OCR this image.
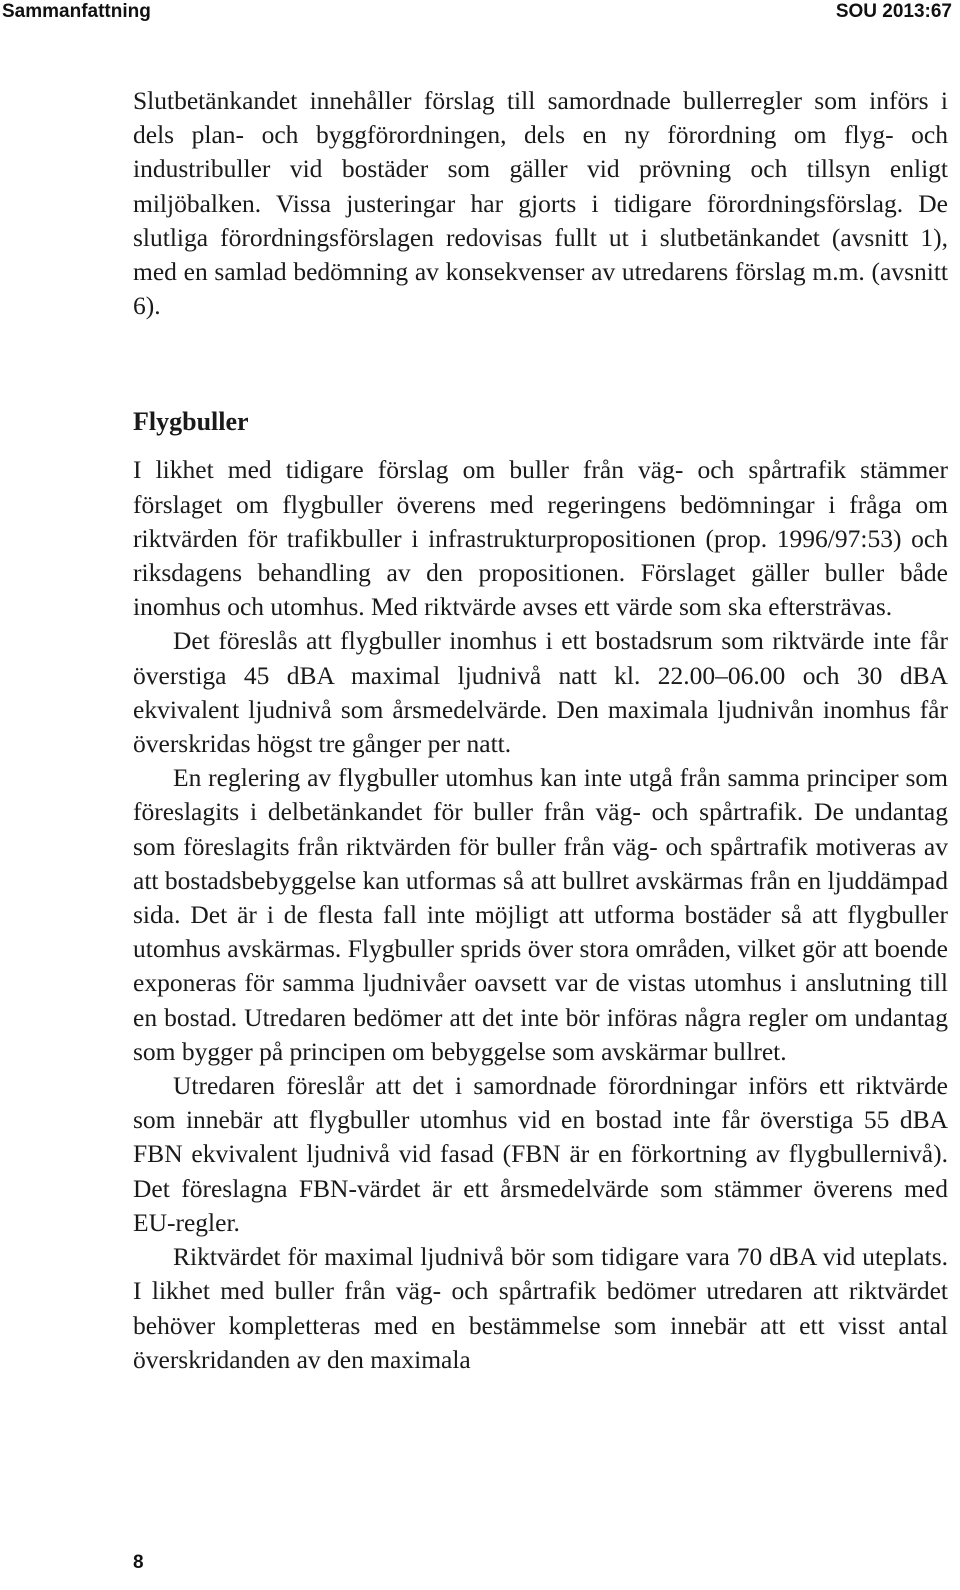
Sammanfattning	SOU 2013:67

Slutbetänkandet innehåller förslag till samordnade bullerregler som införs i dels plan- och byggförordningen, dels en ny förordning om flyg- och industribuller vid bostäder som gäller vid prövning och tillsyn enligt miljöbalken. Vissa justeringar har gjorts i tidigare förordningsförslag. De slutliga förordningsförslagen redovisas fullt ut i slutbetänkandet (avsnitt 1), med en samlad bedömning av konsekvenser av utredarens förslag m.m. (avsnitt 6).

Flygbuller

I likhet med tidigare förslag om buller från väg- och spårtrafik stämmer förslaget om flygbuller överens med regeringens bedömningar i fråga om riktvärden för trafikbuller i infrastrukturpropositionen (prop. 1996/97:53) och riksdagens behandling av den propositionen. Förslaget gäller buller både inomhus och utomhus. Med riktvärde avses ett värde som ska eftersträvas.

Det föreslås att flygbuller inomhus i ett bostadsrum som riktvärde inte får överstiga 45 dBA maximal ljudnivå natt kl. 22.00–06.00 och 30 dBA ekvivalent ljudnivå som årsmedelvärde. Den maximala ljudnivån inomhus får överskridas högst tre gånger per natt.

En reglering av flygbuller utomhus kan inte utgå från samma principer som föreslagits i delbetänkandet för buller från väg- och spårtrafik. De undantag som föreslagits från riktvärden för buller från väg- och spårtrafik motiveras av att bostadsbebyggelse kan utformas så att bullret avskärmas från en ljuddämpad sida. Det är i de flesta fall inte möjligt att utforma bostäder så att flygbuller utomhus avskärmas. Flygbuller sprids över stora områden, vilket gör att boende exponeras för samma ljudnivåer oavsett var de vistas utomhus i anslutning till en bostad. Utredaren bedömer att det inte bör införas några regler om undantag som bygger på principen om bebyggelse som avskärmar bullret.

Utredaren föreslår att det i samordnade förordningar införs ett riktvärde som innebär att flygbuller utomhus vid en bostad inte får överstiga 55 dBA FBN ekvivalent ljudnivå vid fasad (FBN är en förkortning av flygbullernivå). Det föreslagna FBN-värdet är ett årsmedelvärde som stämmer överens med EU-regler.

Riktvärdet för maximal ljudnivå bör som tidigare vara 70 dBA vid uteplats. I likhet med buller från väg- och spårtrafik bedömer utredaren att riktvärdet behöver kompletteras med en bestämmelse som innebär att ett visst antal överskridanden av den maximala

8
